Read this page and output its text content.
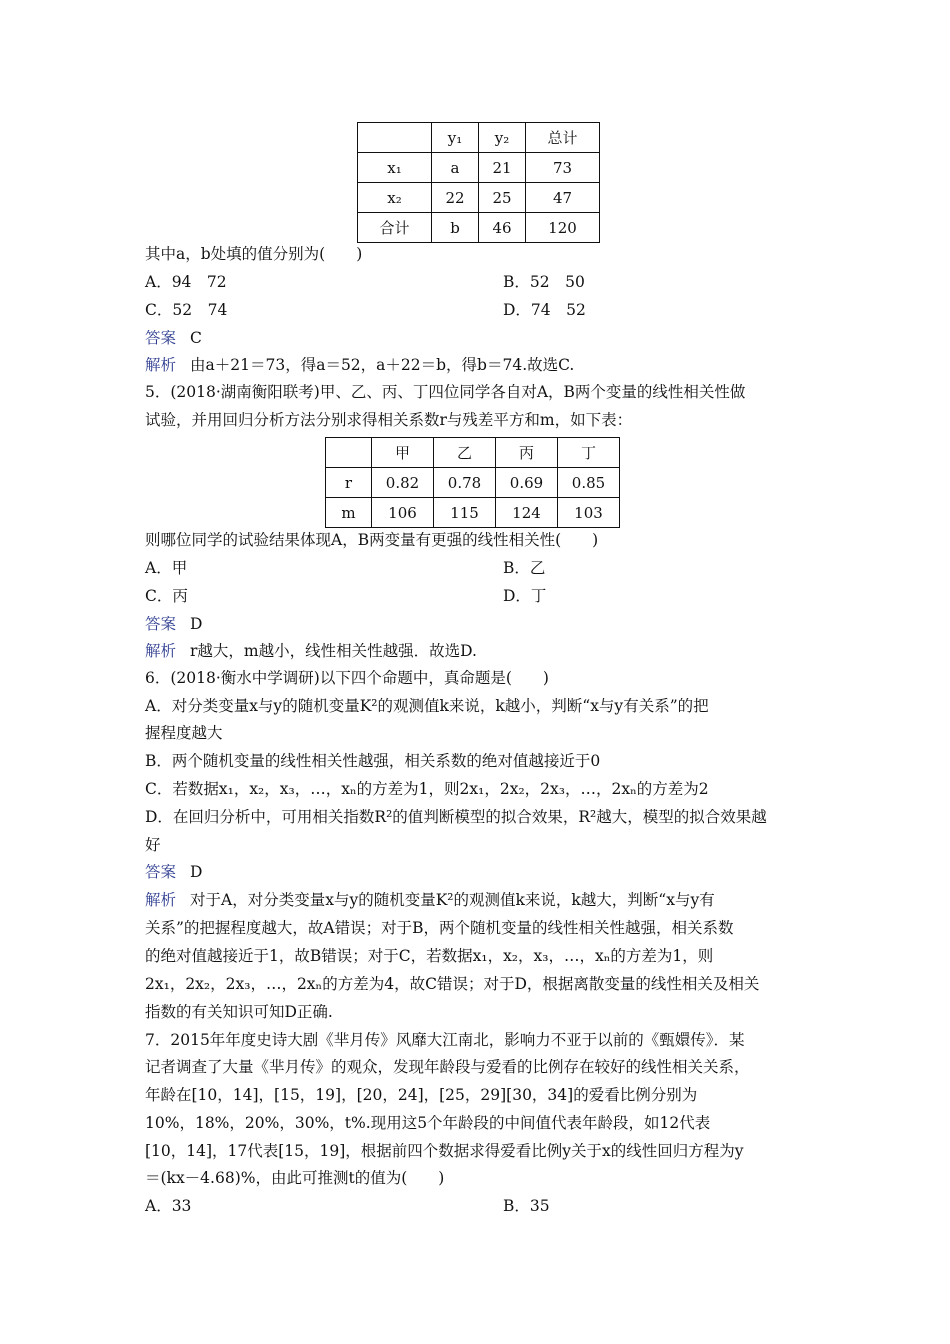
	y₁	y₂	总计
x₁	a	21	73
x₂	22	25	47
合计	b	46	120
其中a，b处填的值分别为(　　)
A．94　72	B．52　50
C．52　74	D．74　52
答案 C
解析 由a＋21＝73，得a＝52，a＋22＝b，得b＝74.故选C.
5．(2018·湖南衡阳联考)甲、乙、丙、丁四位同学各自对A，B两个变量的线性相关性做
试验，并用回归分析方法分别求得相关系数r与残差平方和m，如下表：
	甲	乙	丙	丁
r	0.82	0.78	0.69	0.85
m	106	115	124	103
则哪位同学的试验结果体现A，B两变量有更强的线性相关性(　　)
A．甲	B．乙
C．丙	D．丁
答案 D
解析 r越大，m越小，线性相关性越强．故选D.
6．(2018·衡水中学调研)以下四个命题中，真命题是(　　)
A．对分类变量x与y的随机变量K²的观测值k来说，k越小，判断“x与y有关系”的把
握程度越大
B．两个随机变量的线性相关性越强，相关系数的绝对值越接近于0
C．若数据x₁，x₂，x₃，…，xₙ的方差为1，则2x₁，2x₂，2x₃，…，2xₙ的方差为2
D．在回归分析中，可用相关指数R²的值判断模型的拟合效果，R²越大，模型的拟合效果越
好
答案 D
解析 对于A，对分类变量x与y的随机变量K²的观测值k来说，k越大，判断“x与y有
关系”的把握程度越大，故A错误；对于B，两个随机变量的线性相关性越强，相关系数
的绝对值越接近于1，故B错误；对于C，若数据x₁，x₂，x₃，…，xₙ的方差为1，则
2x₁，2x₂，2x₃，…，2xₙ的方差为4，故C错误；对于D，根据离散变量的线性相关及相关
指数的有关知识可知D正确.
7．2015年年度史诗大剧《芈月传》风靡大江南北，影响力不亚于以前的《甄嬛传》．某
记者调查了大量《芈月传》的观众，发现年龄段与爱看的比例存在较好的线性相关关系，
年龄在[10，14]，[15，19]，[20，24]，[25，29][30，34]的爱看比例分别为
10%，18%，20%，30%，t%.现用这5个年龄段的中间值代表年龄段，如12代表
[10，14]，17代表[15，19]，根据前四个数据求得爱看比例y关于x的线性回归方程为y
＝(kx－4.68)%，由此可推测t的值为(　　)
A．33	B．35
